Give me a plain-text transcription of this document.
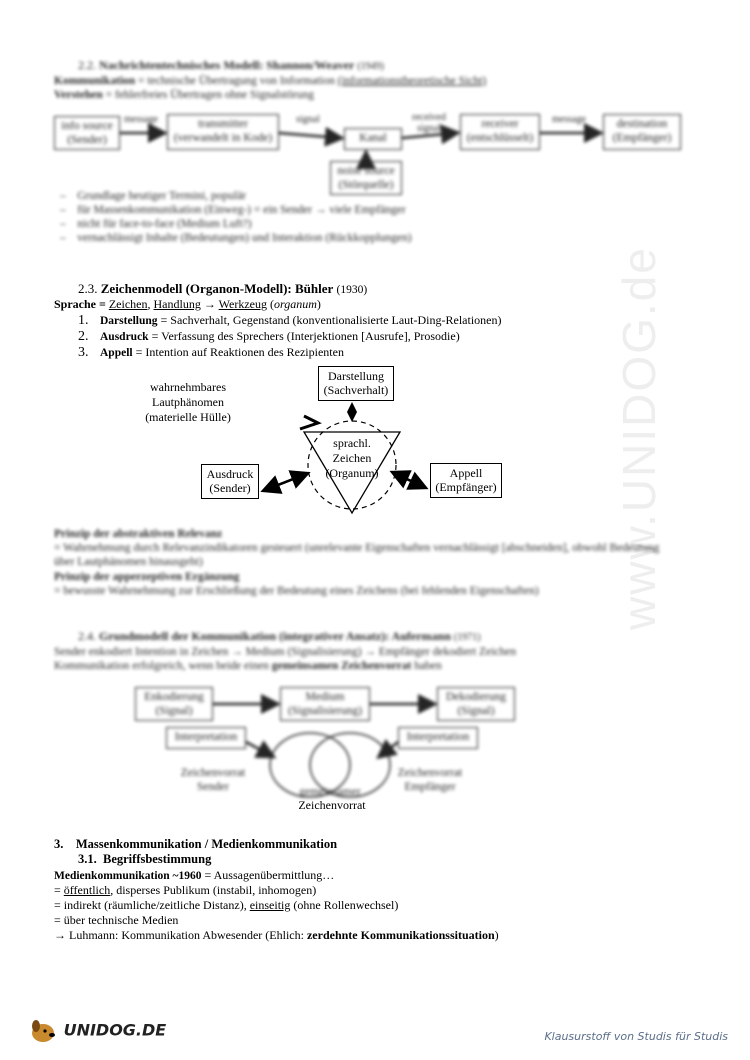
www.UNIDOG.de
2.2. Nachrichtentechnisches Modell: Shannon/Weaver (1949)
Kommunikation = technische Übertragung von Information (informationstheoretische Sicht)
Verstehen = fehlerfreies Übertragen ohne Signalstörung
info source
(Sender)
transmitter
(verwandelt in Kode)	Kanal
receiver
(entschlüsselt)
destination
(Empfänger)
noise source
(Störquelle)
message	signal	received
signal
message
–    Grundlage heutiger Termini, populär
–    für Massenkommunikation (Einweg-) = ein Sender → viele Empfänger
–    nicht für face-to-face (Medium Luft?)
–    vernachlässigt Inhalte (Bedeutungen) und Interaktion (Rückkopplungen)
2.3. Zeichenmodell (Organon-Modell): Bühler (1930)
Sprache = Zeichen, Handlung → Werkzeug (organum)
1.	Darstellung = Sachverhalt, Gegenstand (konventionalisierte Laut-Ding-Relationen)
2.	Ausdruck = Verfassung des Sprechers (Interjektionen [Ausrufe], Prosodie)
3.	Appell = Intention auf Reaktionen des Rezipienten
wahrnehmbares
Lautphänomen
(materielle Hülle)
Darstellung
(Sachverhalt)
Ausdruck
(Sender)
Appell
(Empfänger)
sprachl.
Zeichen
(Organum)
Prinzip der abstraktiven Relevanz
= Wahrnehmung durch Relevanzindikatoren gesteuert (unrelevante Eigenschaften vernachlässigt [abschneiden], obwohl Bedeutung über Lautphänomen hinausgeht)
Prinzip der apperzeptiven Ergänzung
= bewusste Wahrnehmung zur Erschließung der Bedeutung eines Zeichens (bei fehlenden Eigenschaften)
2.4. Grundmodell der Kommunikation (integrativer Ansatz): Aufermann (1971)
Sender enkodiert Intention in Zeichen → Medium (Signalisierung) → Empfänger dekodiert Zeichen
Kommunikation erfolgreich, wenn beide einen gemeinsamen Zeichenvorrat haben
Enkodierung
(Signal)
Medium
(Signalisierung)
Dekodierung
(Signal)
Interpretation	Interpretation
Zeichenvorrat
Sender
Zeichenvorrat
Empfänger
gemeinsamer
Zeichenvorrat
3.    Massenkommunikation / Medienkommunikation
3.1.  Begriffsbestimmung
Medienkommunikation ~1960 = Aussagenübermittlung…
= öffentlich, disperses Publikum (instabil, inhomogen)
= indirekt (räumliche/zeitliche Distanz), einseitig (ohne Rollenwechsel)
= über technische Medien
→ Luhmann: Kommunikation Abwesender (Ehlich: zerdehnte Kommunikationssituation)
UNIDOG.DE	Klausurstoff von Studis für Studis
